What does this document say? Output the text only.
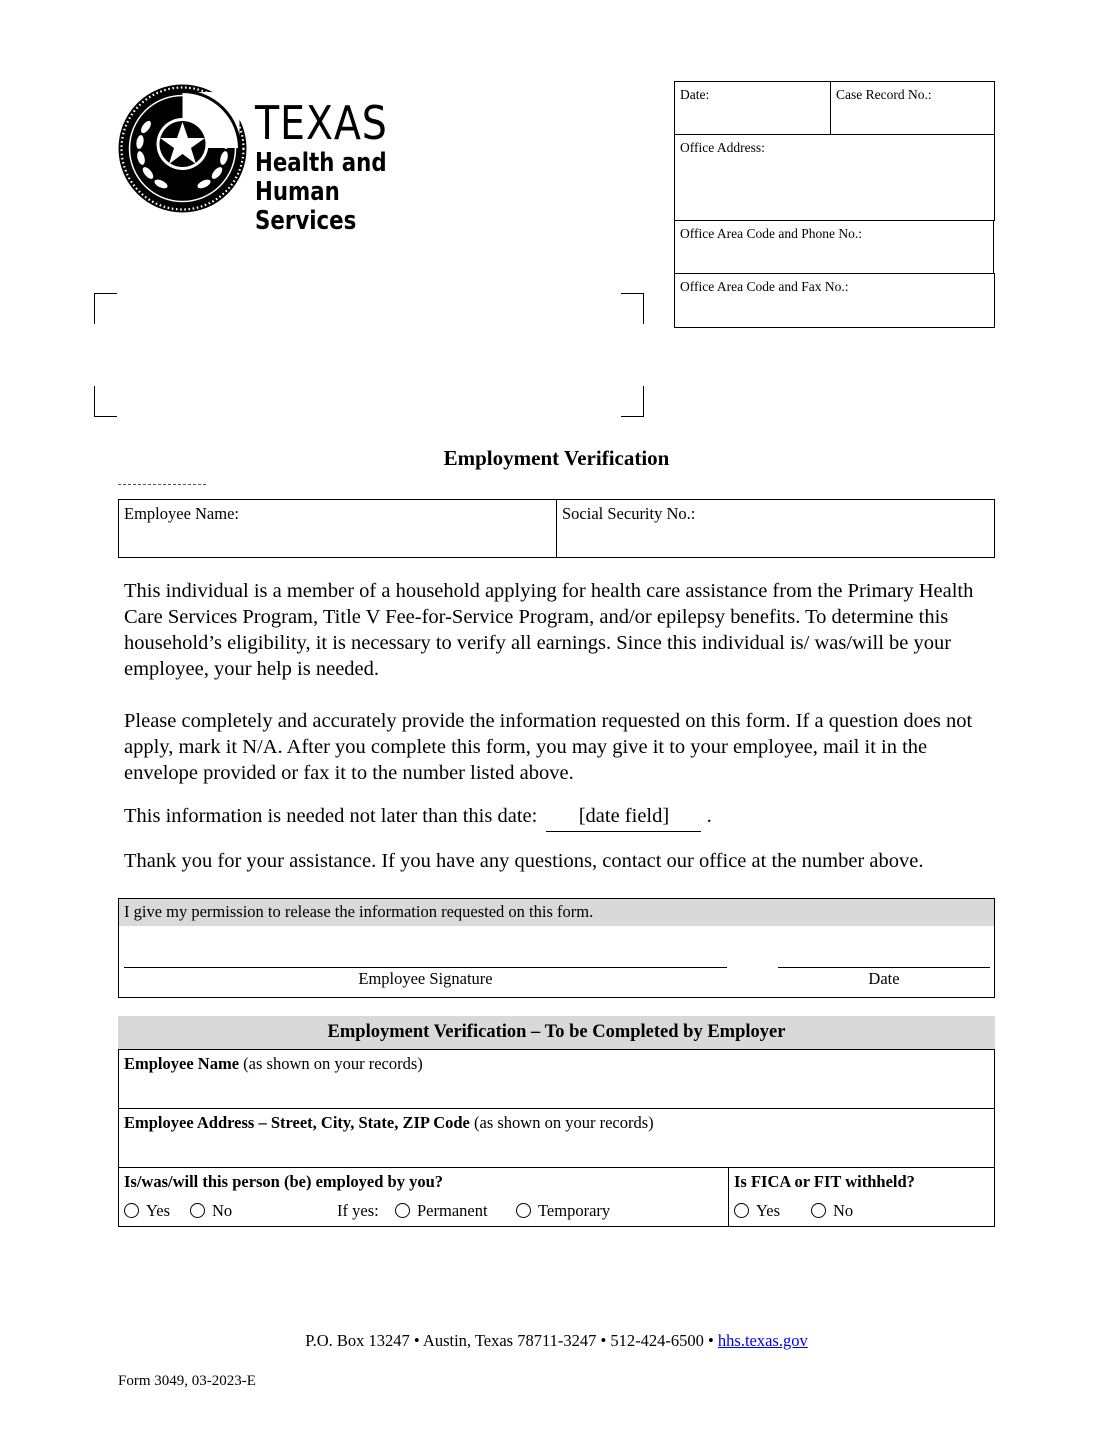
TEXAS
Health and Human
Services
Date:	Case Record No.:
Office Address:
Office Area Code and Phone No.:
Office Area Code and Fax No.:
Employment Verification
Employee Name:	Social Security No.:
This individual is a member of a household applying for health care assistance from the Primary Health Care Services Program, Title V Fee-for-Service Program, and/or epilepsy benefits. To determine this household’s eligibility, it is necessary to verify all earnings. Since this individual is/ was/will be your employee, your help is needed.
Please completely and accurately provide the information requested on this form. If a question does not apply, mark it N/A. After you complete this form, you may give it to your employee, mail it in the envelope provided or fax it to the number listed above.
This information is needed not later than this date: [date field] .
Thank you for your assistance. If you have any questions, contact our office at the number above.
I give my permission to release the information requested on this form.
Employee Signature	Date
Employment Verification – To be Completed by Employer
Employee Name (as shown on your records)
Employee Address – Street, City, State, ZIP Code (as shown on your records)
Is/was/will this person (be) employed by you?
Yes	No	If yes:	Permanent	Temporary
Is FICA or FIT withheld?
Yes	No
P.O. Box 13247 • Austin, Texas 78711-3247 • 512-424-6500 • hhs.texas.gov
Form 3049, 03-2023-E
